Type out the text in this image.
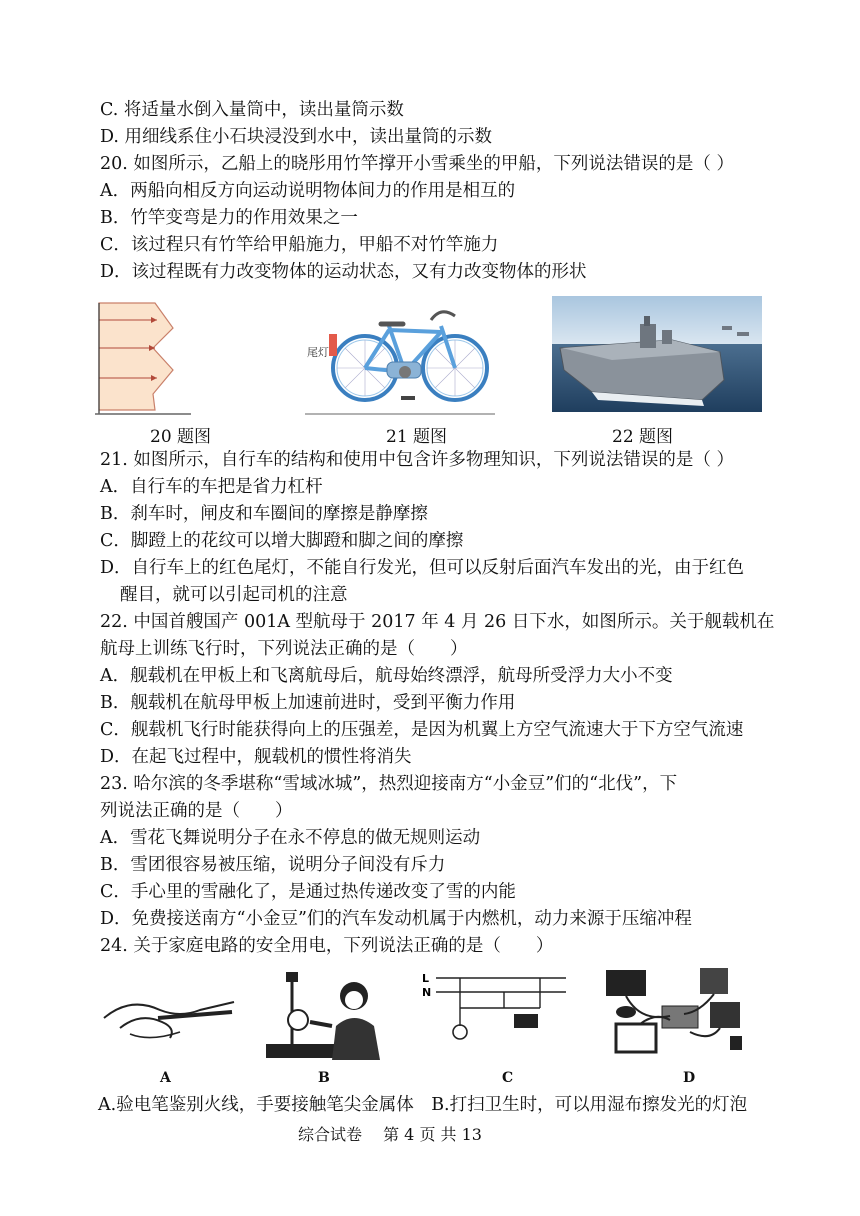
C. 将适量水倒入量筒中，读出量筒示数
D. 用细线系住小石块浸没到水中，读出量筒的示数
20. 如图所示，乙船上的晓彤用竹竿撑开小雪乘坐的甲船，下列说法错误的是（ ）
A．两船向相反方向运动说明物体间力的作用是相互的
B．竹竿变弯是力的作用效果之一
C．该过程只有竹竿给甲船施力，甲船不对竹竿施力
D．该过程既有力改变物体的运动状态，又有力改变物体的形状
尾灯
20 题图	21 题图	22 题图
21. 如图所示，自行车的结构和使用中包含许多物理知识，下列说法错误的是（ ）
A．自行车的车把是省力杠杆
B．刹车时，闸皮和车圈间的摩擦是静摩擦
C．脚蹬上的花纹可以增大脚蹬和脚之间的摩擦
D．自行车上的红色尾灯，不能自行发光，但可以反射后面汽车发出的光，由于红色
醒目，就可以引起司机的注意
22. 中国首艘国产 001A 型航母于 2017 年 4 月 26 日下水，如图所示。关于舰载机在
航母上训练飞行时，下列说法正确的是（　　）
A．舰载机在甲板上和飞离航母后，航母始终漂浮，航母所受浮力大小不变
B．舰载机在航母甲板上加速前进时，受到平衡力作用
C．舰载机飞行时能获得向上的压强差，是因为机翼上方空气流速大于下方空气流速
D．在起飞过程中，舰载机的惯性将消失
23. 哈尔滨的冬季堪称“雪域冰城”，热烈迎接南方“小金豆”们的“北伐”，下
列说法正确的是（　　）
A．雪花飞舞说明分子在永不停息的做无规则运动
B．雪团很容易被压缩，说明分子间没有斥力
C．手心里的雪融化了，是通过热传递改变了雪的内能
D．免费接送南方“小金豆”们的汽车发动机属于内燃机，动力来源于压缩冲程
24. 关于家庭电路的安全用电，下列说法正确的是（　　）
L
N
A	B	C	D
A.验电笔鉴别火线，手要接触笔尖金属体　B.打扫卫生时，可以用湿布擦发光的灯泡
综合试卷　 第 4 页 共 13
